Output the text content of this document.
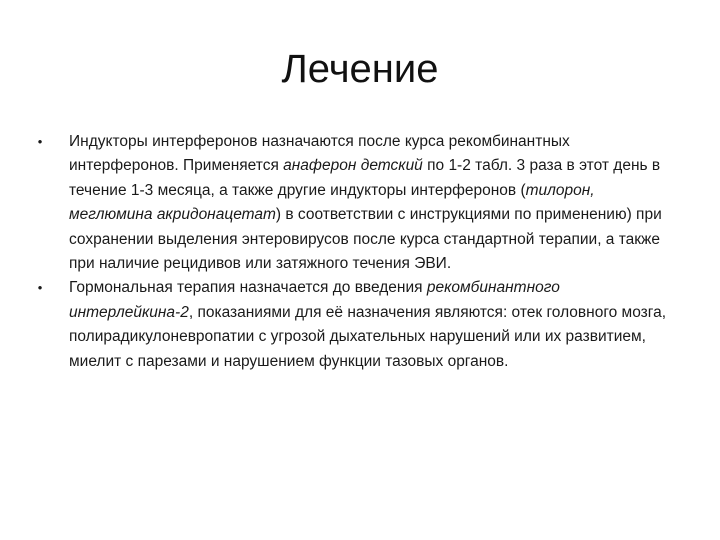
Лечение
•	Индукторы интерферонов назначаются после курса рекомбинантных интерферонов. Применяется анаферон детский по 1-2 табл. 3 раза в этот день в течение 1-3 месяца, а также другие индукторы интерферонов (тилорон, меглюмина акридонацетат) в соответствии с инструкциями по применению) при сохранении выделения энтеровирусов после курса стандартной терапии, а также при наличие рецидивов или затяжного течения ЭВИ.
•	Гормональная терапия назначается до введения рекомбинантного интерлейкина-2, показаниями для её назначения являются: отек головного мозга, полирадикулоневропатии с угрозой дыхательных нарушений или их развитием, миелит с парезами и нарушением функции тазовых органов.
